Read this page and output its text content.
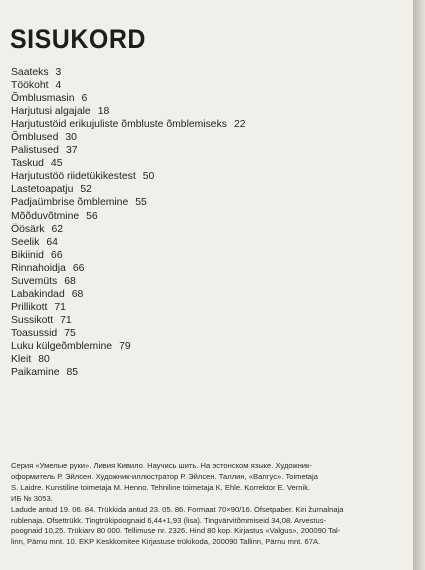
SISUKORD
Saateks 3
Töökoht 4
Õmblusmasin 6
Harjutusi algajale 18
Harjutustöid erikujuliste õmbluste õmblemiseks 22
Õmblused 30
Palistused 37
Taskud 45
Harjutustöö riidetükikestest 50
Lastetoapatju 52
Padjaümbrise õmblemine 55
Mõõduvõtmine 56
Öösärk 62
Seelik 64
Bikiinid 66
Rinnahoidja 66
Suvemüts 68
Labakindad 68
Prillikott 71
Sussikott 71
Toasussid 75
Luku külgeõmblemine 79
Kleit 80
Paikamine 85
Серия «Умелые руки». Ливия Кивило. Научись шить. На эстонском языке. Художник-
оформитель Р. Эйлсен. Художник-иллюстратор Р. Эйлсен. Таллин, «Валгус». Toimetaja
S. Laidre. Kunstiline toimetaja M. Henno. Tehniline toimetaja K. Ehle. Korrektor E. Vernik.
ИБ № 3053.
Ladude antud 19. 06. 84. Trükkida antud 23. 05. 86. Formaat 70×90/16. Ofsetpaber. Kiri žurnalnaja
rublenaja. Ofsettrükk. Tingtrükipoognaid 6,44+1,93 (lisa). Tingvärvitõmmiseid 34,08. Arvestus-
poognaid 10,25. Trükiarv 80 000. Tellimuse nr. 2326. Hind 80 kop. Kirjastus «Valgus», 200090 Tal-
linn, Pärnu mnt. 10. EKP Keskkomitee Kirjastuse trükikoda, 200090 Tallinn, Pärnu mnt. 67A.
